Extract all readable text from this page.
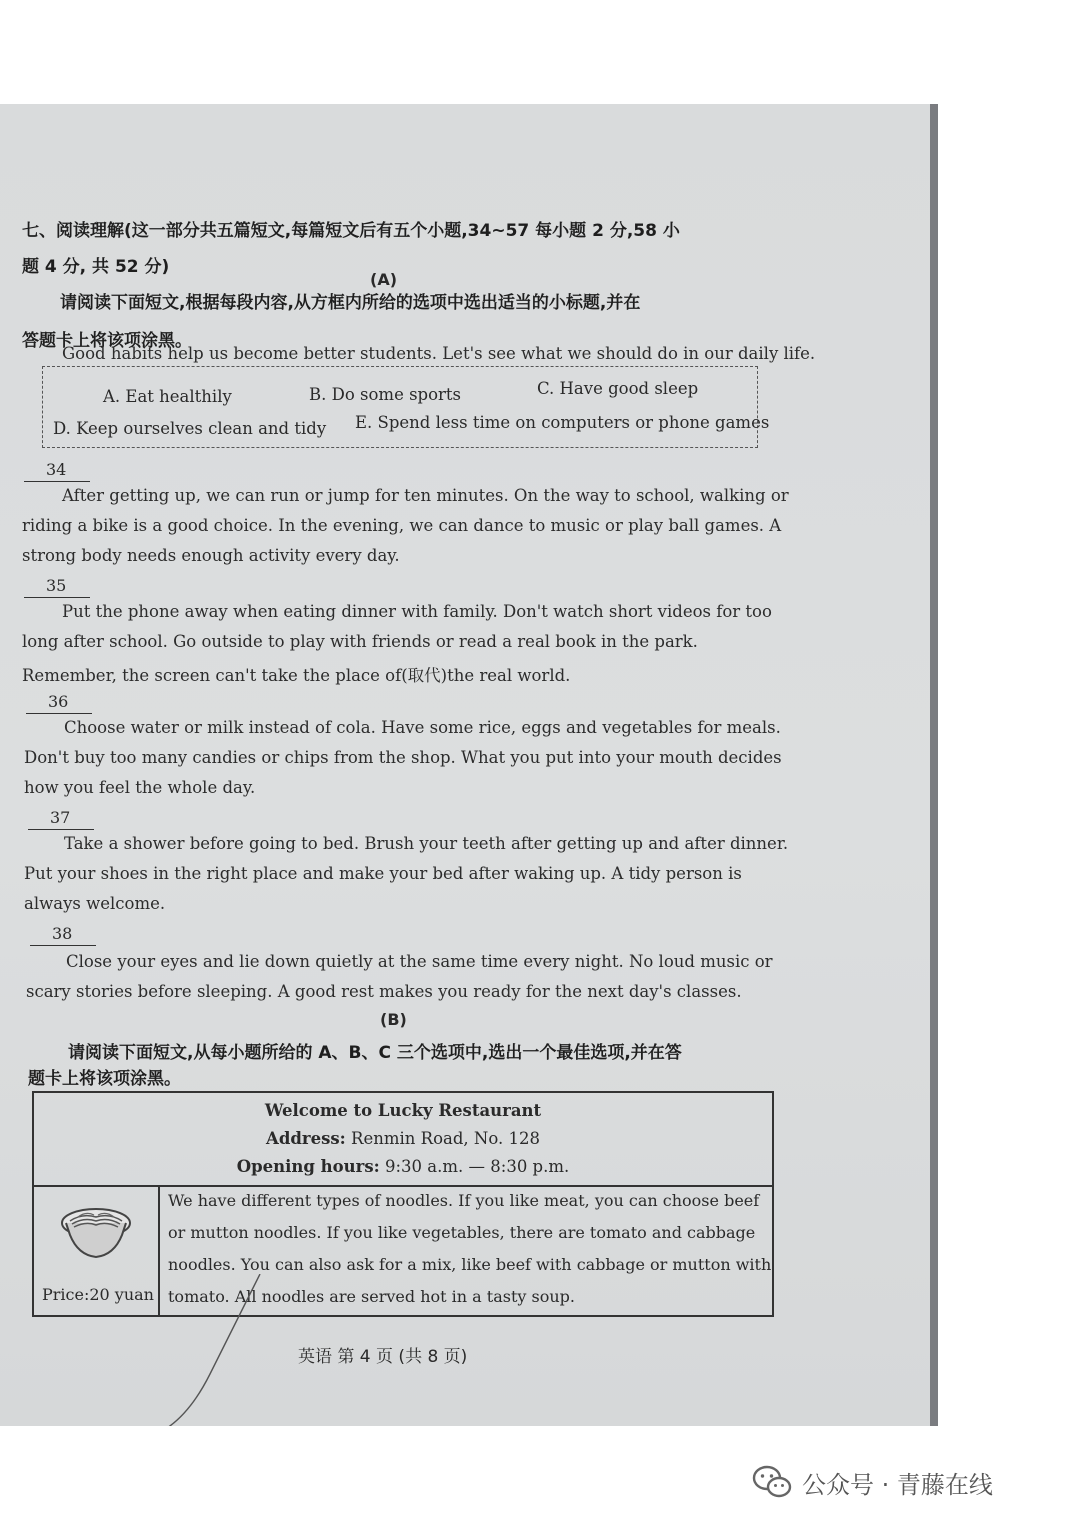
七、阅读理解(这一部分共五篇短文,每篇短文后有五个小题,34~57 每小题 2 分,58 小
题 4 分, 共 52 分)
(A)
请阅读下面短文,根据每段内容,从方框内所给的选项中选出适当的小标题,并在
答题卡上将该项涂黑。
Good habits help us become better students. Let's see what we should do in our daily life.
A. Eat healthily	B. Do some sports	C. Have good sleep
D. Keep ourselves clean and tidy E. Spend less time on computers or phone games
34
After getting up, we can run or jump for ten minutes. On the way to school, walking or
riding a bike is a good choice. In the evening, we can dance to music or play ball games. A
strong body needs enough activity every day.
35
Put the phone away when eating dinner with family. Don't watch short videos for too
long after school. Go outside to play with friends or read a real book in the park.
Remember, the screen can't take the place of(取代)the real world.
36
Choose water or milk instead of cola. Have some rice, eggs and vegetables for meals.
Don't buy too many candies or chips from the shop. What you put into your mouth decides
how you feel the whole day.
37
Take a shower before going to bed. Brush your teeth after getting up and after dinner.
Put your shoes in the right place and make your bed after waking up. A tidy person is
always welcome.
38
Close your eyes and lie down quietly at the same time every night. No loud music or
scary stories before sleeping. A good rest makes you ready for the next day's classes.
(B)
请阅读下面短文,从每小题所给的 A、B、C 三个选项中,选出一个最佳选项,并在答
题卡上将该项涂黑。
Welcome to Lucky Restaurant
Address: Renmin Road, No. 128
Opening hours: 9:30 a.m. — 8:30 p.m.
Price:20 yuan
We have different types of noodles. If you like meat, you can choose beef
or mutton noodles. If you like vegetables, there are tomato and cabbage
noodles. You can also ask for a mix, like beef with cabbage or mutton with
tomato. All noodles are served hot in a tasty soup.
英语 第 4 页 (共 8 页)
公众号 · 青藤在线
